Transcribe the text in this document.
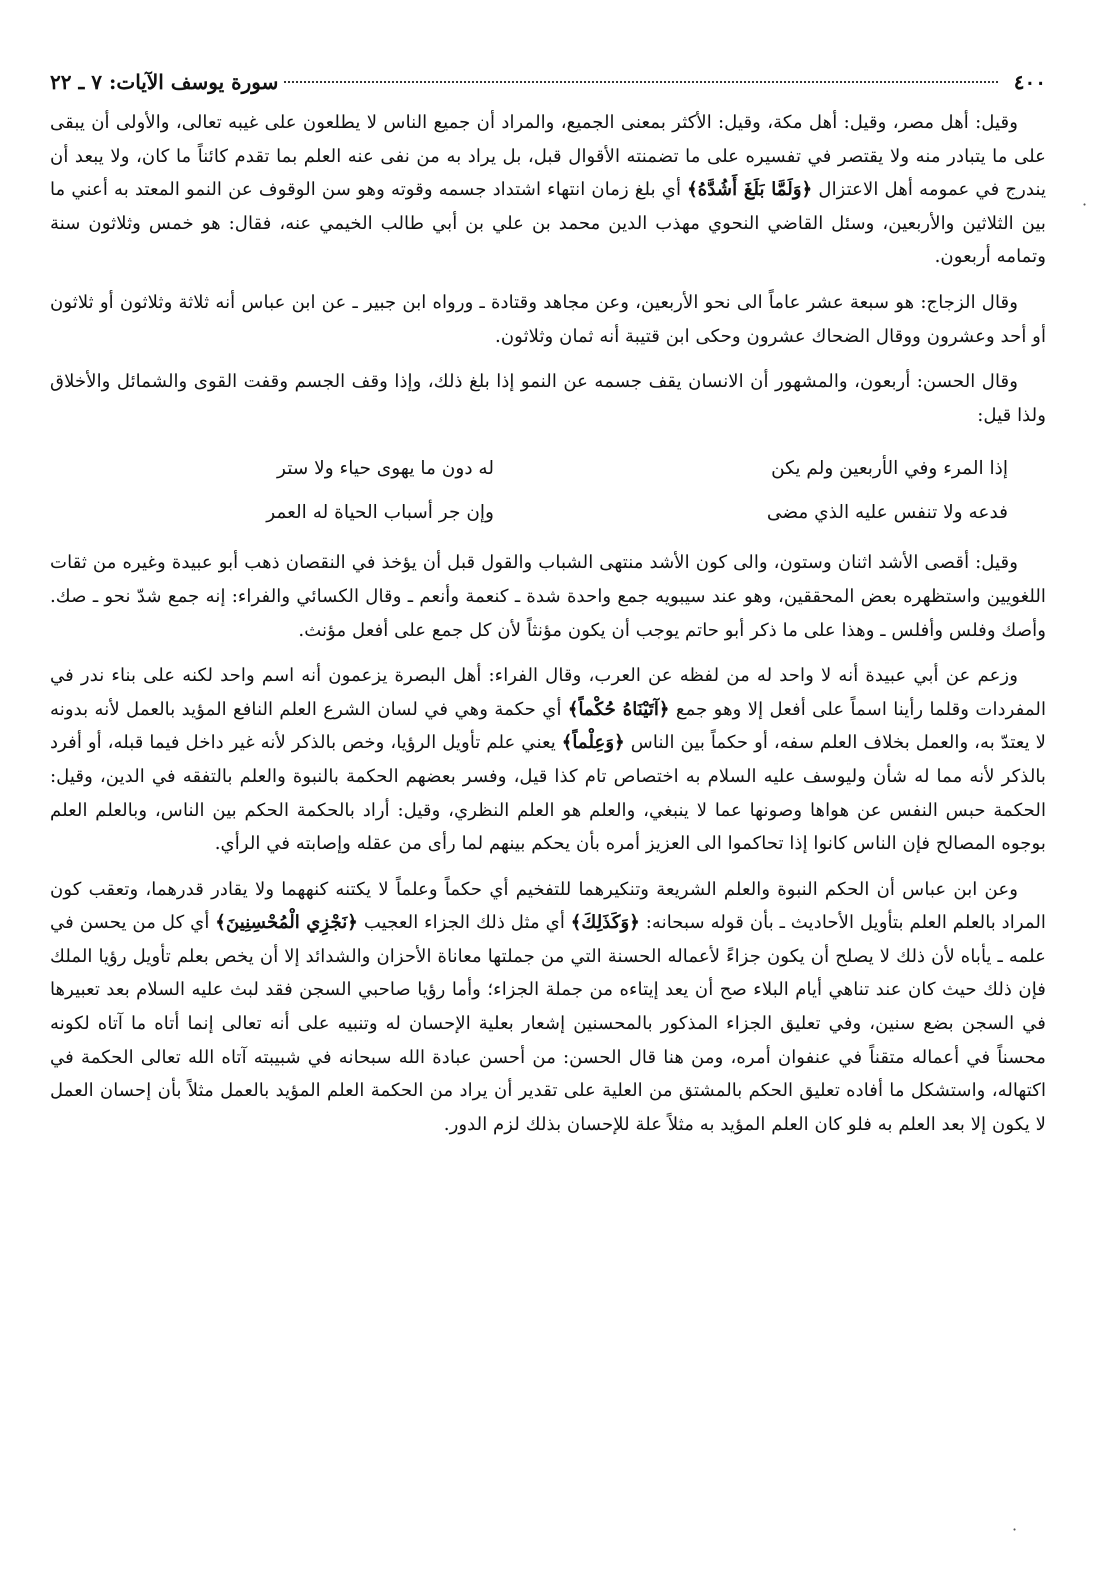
٤٠٠
سورة يوسف الآيات: ٧ ـ ٢٢

وقيل: أهل مصر، وقيل: أهل مكة، وقيل: الأكثر بمعنى الجميع، والمراد أن جميع الناس لا يطلعون على غيبه تعالى، والأولى أن يبقى على ما يتبادر منه ولا يقتصر في تفسيره على ما تضمنته الأقوال قبل، بل يراد به من نفى عنه العلم بما تقدم كائناً ما كان، ولا يبعد أن يندرج في عمومه أهل الاعتزال ﴿وَلَمَّا بَلَغَ أَشُدَّهُ﴾ أي بلغ زمان انتهاء اشتداد جسمه وقوته وهو سن الوقوف عن النمو المعتد به أعني ما بين الثلاثين والأربعين، وسئل القاضي النحوي مهذب الدين محمد بن علي بن أبي طالب الخيمي عنه، فقال: هو خمس وثلاثون سنة وتمامه أربعون.

وقال الزجاج: هو سبعة عشر عاماً الى نحو الأربعين، وعن مجاهد وقتادة ـ ورواه ابن جبير ـ عن ابن عباس أنه ثلاثة وثلاثون أو ثلاثون أو أحد وعشرون ووقال الضحاك عشرون وحكى ابن قتيبة أنه ثمان وثلاثون.

وقال الحسن: أربعون، والمشهور أن الانسان يقف جسمه عن النمو إذا بلغ ذلك، وإذا وقف الجسم وقفت القوى والشمائل والأخلاق ولذا قيل:

إذا المرء وفي الأربعين ولم يكن
له دون ما يهوى حياء ولا ستر
فدعه ولا تنفس عليه الذي مضى
وإن جر أسباب الحياة له العمر

وقيل: أقصى الأشد اثنان وستون، والى كون الأشد منتهى الشباب والقول قبل أن يؤخذ في النقصان ذهب أبو عبيدة وغيره من ثقات اللغويين واستظهره بعض المحققين، وهو عند سيبويه جمع واحدة شدة ـ كنعمة وأنعم ـ وقال الكسائي والفراء: إنه جمع شدّ نحو ـ صك. وأصك وفلس وأفلس ـ وهذا على ما ذكر أبو حاتم يوجب أن يكون مؤنثاً لأن كل جمع على أفعل مؤنث.

وزعم عن أبي عبيدة أنه لا واحد له من لفظه عن العرب، وقال الفراء: أهل البصرة يزعمون أنه اسم واحد لكنه على بناء ندر في المفردات وقلما رأينا اسماً على أفعل إلا وهو جمع ﴿آتَيْنَاهُ حُكْماً﴾ أي حكمة وهي في لسان الشرع العلم النافع المؤيد بالعمل لأنه بدونه لا يعتدّ به، والعمل بخلاف العلم سفه، أو حكماً بين الناس ﴿وَعِلْماً﴾ يعني علم تأويل الرؤيا، وخص بالذكر لأنه غير داخل فيما قبله، أو أفرد بالذكر لأنه مما له شأن وليوسف عليه السلام به اختصاص تام كذا قيل، وفسر بعضهم الحكمة بالنبوة والعلم بالتفقه في الدين، وقيل: الحكمة حبس النفس عن هواها وصونها عما لا ينبغي، والعلم هو العلم النظري، وقيل: أراد بالحكمة الحكم بين الناس، وبالعلم العلم بوجوه المصالح فإن الناس كانوا إذا تحاكموا الى العزيز أمره بأن يحكم بينهم لما رأى من عقله وإصابته في الرأي.

وعن ابن عباس أن الحكم النبوة والعلم الشريعة وتنكيرهما للتفخيم أي حكماً وعلماً لا يكتنه كنههما ولا يقادر قدرهما، وتعقب كون المراد بالعلم العلم بتأويل الأحاديث ـ بأن قوله سبحانه: ﴿وَكَذَلِكَ﴾ أي مثل ذلك الجزاء العجيب ﴿نَجْزِي الْمُحْسِنِينَ﴾ أي كل من يحسن في علمه ـ يأباه لأن ذلك لا يصلح أن يكون جزاءً لأعماله الحسنة التي من جملتها معاناة الأحزان والشدائد إلا أن يخص بعلم تأويل رؤيا الملك فإن ذلك حيث كان عند تناهي أيام البلاء صح أن يعد إيتاءه من جملة الجزاء؛ وأما رؤيا صاحبي السجن فقد لبث عليه السلام بعد تعبيرها في السجن بضع سنين، وفي تعليق الجزاء المذكور بالمحسنين إشعار بعلية الإحسان له وتنبيه على أنه تعالى إنما أتاه ما آتاه لكونه محسناً في أعماله متقناً في عنفوان أمره، ومن هنا قال الحسن: من أحسن عبادة الله سبحانه في شبيبته آتاه الله تعالى الحكمة في اكتهاله، واستشكل ما أفاده تعليق الحكم بالمشتق من العلية على تقدير أن يراد من الحكمة العلم المؤيد بالعمل مثلاً بأن إحسان العمل لا يكون إلا بعد العلم به فلو كان العلم المؤيد به مثلاً علة للإحسان بذلك لزم الدور.

·
·
